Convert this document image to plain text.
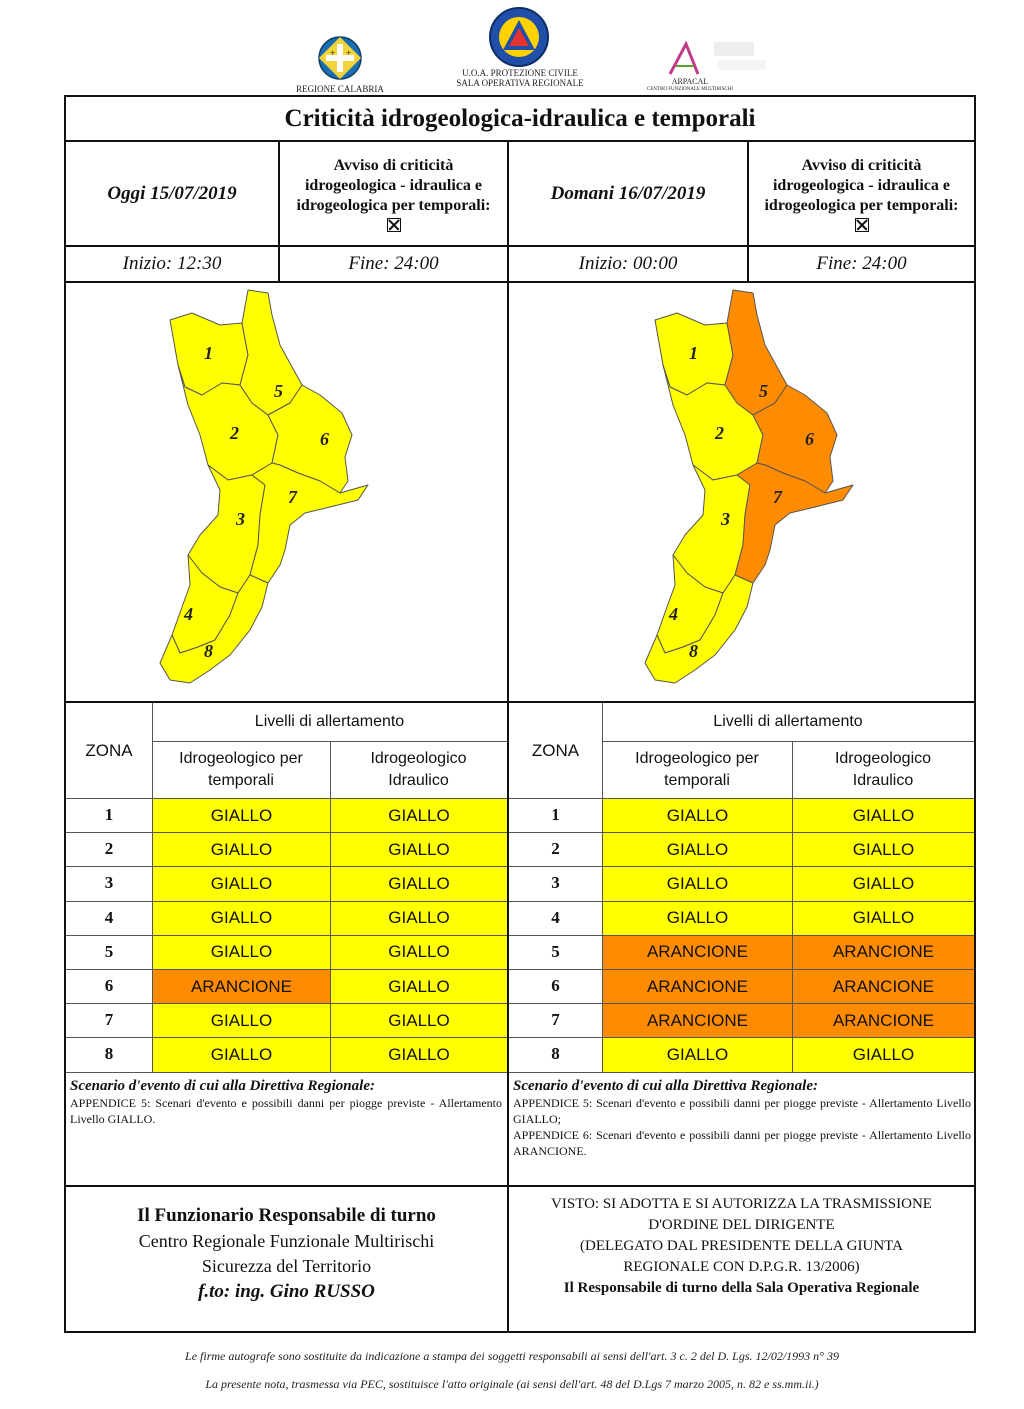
+ +
REGIONE CALABRIA
U.O.A. PROTEZIONE CIVILE
SALA OPERATIVA REGIONALE	ARPACAL
CENTRO FUNZIONALE MULTIRISCHI
Criticità idrogeologica-idraulica e temporali
Oggi 15/07/2019
Avviso di criticità
idrogeologica - idraulica e
idrogeologica per temporali:
Domani 16/07/2019
Avviso di criticità
idrogeologica - idraulica e
idrogeologica per temporali:
Inizio: 12:30	Fine: 24:00	Inizio: 00:00	Fine: 24:00
1
2
3
4
5
6
7
8
1
2
3
4
5
6
7
8
ZONA
Livelli di allertamento
Idrogeologico per
temporali
Idrogeologico
Idraulico
1	GIALLO	GIALLO
2	GIALLO	GIALLO
3	GIALLO	GIALLO
4	GIALLO	GIALLO
5	GIALLO	GIALLO
6	ARANCIONE	GIALLO
7	GIALLO	GIALLO
8	GIALLO	GIALLO
ZONA
Livelli di allertamento
Idrogeologico per
temporali
Idrogeologico
Idraulico
1	GIALLO	GIALLO
2	GIALLO	GIALLO
3	GIALLO	GIALLO
4	GIALLO	GIALLO
5	ARANCIONE	ARANCIONE
6	ARANCIONE	ARANCIONE
7	ARANCIONE	ARANCIONE
8	GIALLO	GIALLO
Scenario d'evento di cui alla Direttiva Regionale:
APPENDICE 5: Scenari d'evento e possibili danni per piogge previste - Allertamento Livello GIALLO.
Scenario d'evento di cui alla Direttiva Regionale:
APPENDICE 5: Scenari d'evento e possibili danni per piogge previste - Allertamento Livello GIALLO;
APPENDICE 6: Scenari d'evento e possibili danni per piogge previste - Allertamento Livello ARANCIONE.
Il Funzionario Responsabile di turno
Centro Regionale Funzionale Multirischi
Sicurezza del Territorio
f.to: ing. Gino RUSSO
VISTO: SI ADOTTA E SI AUTORIZZA LA TRASMISSIONE
D'ORDINE DEL DIRIGENTE
(DELEGATO DAL PRESIDENTE DELLA GIUNTA
REGIONALE CON D.P.G.R. 13/2006)
Il Responsabile di turno della Sala Operativa Regionale
Le firme autografe sono sostituite da indicazione a stampa dei soggetti responsabili ai sensi dell'art. 3 c. 2 del D. Lgs. 12/02/1993 n° 39
La presente nota, trasmessa via PEC, sostituisce l'atto originale (ai sensi dell'art. 48 del D.Lgs 7 marzo 2005, n. 82 e ss.mm.ii.)
